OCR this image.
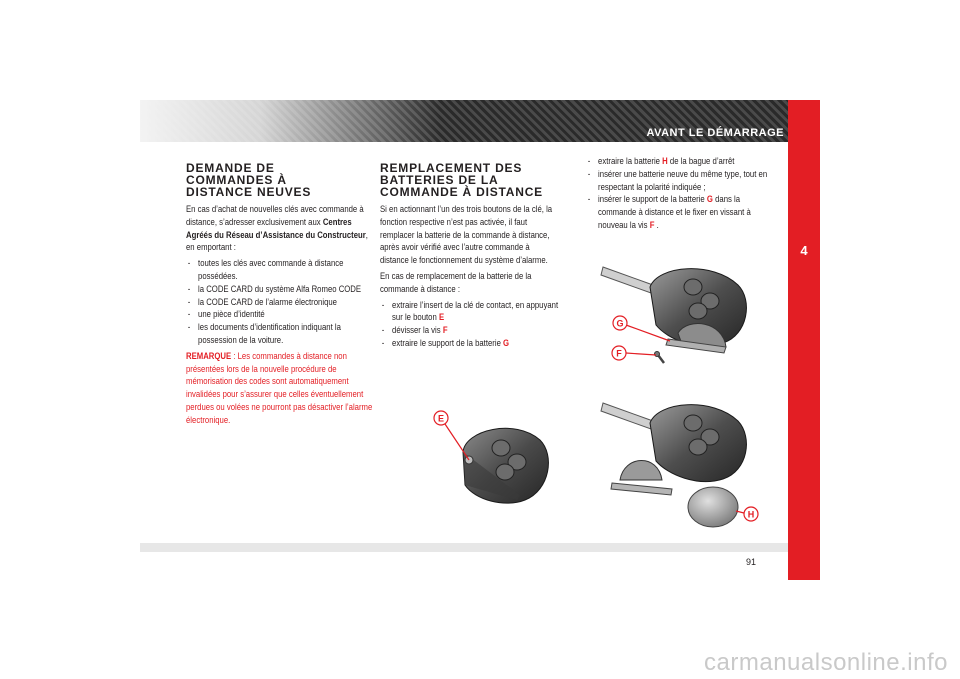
AVANT LE DÉMARRAGE
4
91
DEMANDE DE
COMMANDES À
DISTANCE NEUVES

En cas d’achat de nouvelles clés avec commande à distance, s’adresser exclusivement aux Centres Agréés du Réseau d’Assistance du Constructeur, en emportant :

- toutes les clés avec commande à distance possédées.
- la CODE CARD du système Alfa Romeo CODE
- la CODE CARD de l’alarme électronique
- une pièce d’identité
- les documents d’identification indiquant la possession de la voiture.

REMARQUE : Les commandes à distance non présentées lors de la nouvelle procédure de mémorisation des codes sont automatiquement invalidées pour s’assurer que celles éventuellement perdues ou volées ne pourront pas désactiver l’alarme électronique.

REMPLACEMENT DES
BATTERIES DE LA
COMMANDE À DISTANCE

Si en actionnant l’un des trois boutons de la clé, la fonction respective n’est pas activée, il faut remplacer la batterie de la commande à distance, après avoir vérifié avec l’autre commande à distance le fonctionnement du système d’alarme.

En cas de remplacement de la batterie de la commande à distance :

- extraire l’insert de la clé de contact, en appuyant sur le bouton E
- dévisser la vis F
- extraire le support de la batterie G
- extraire la batterie H de la bague d’arrêt
- insérer une batterie neuve du même type, tout en respectant la polarité indiquée ;
- insérer le support de la batterie G dans la commande à distance et le fixer en vissant à nouveau la vis F .
E
G
F
H
carmanualsonline.info
